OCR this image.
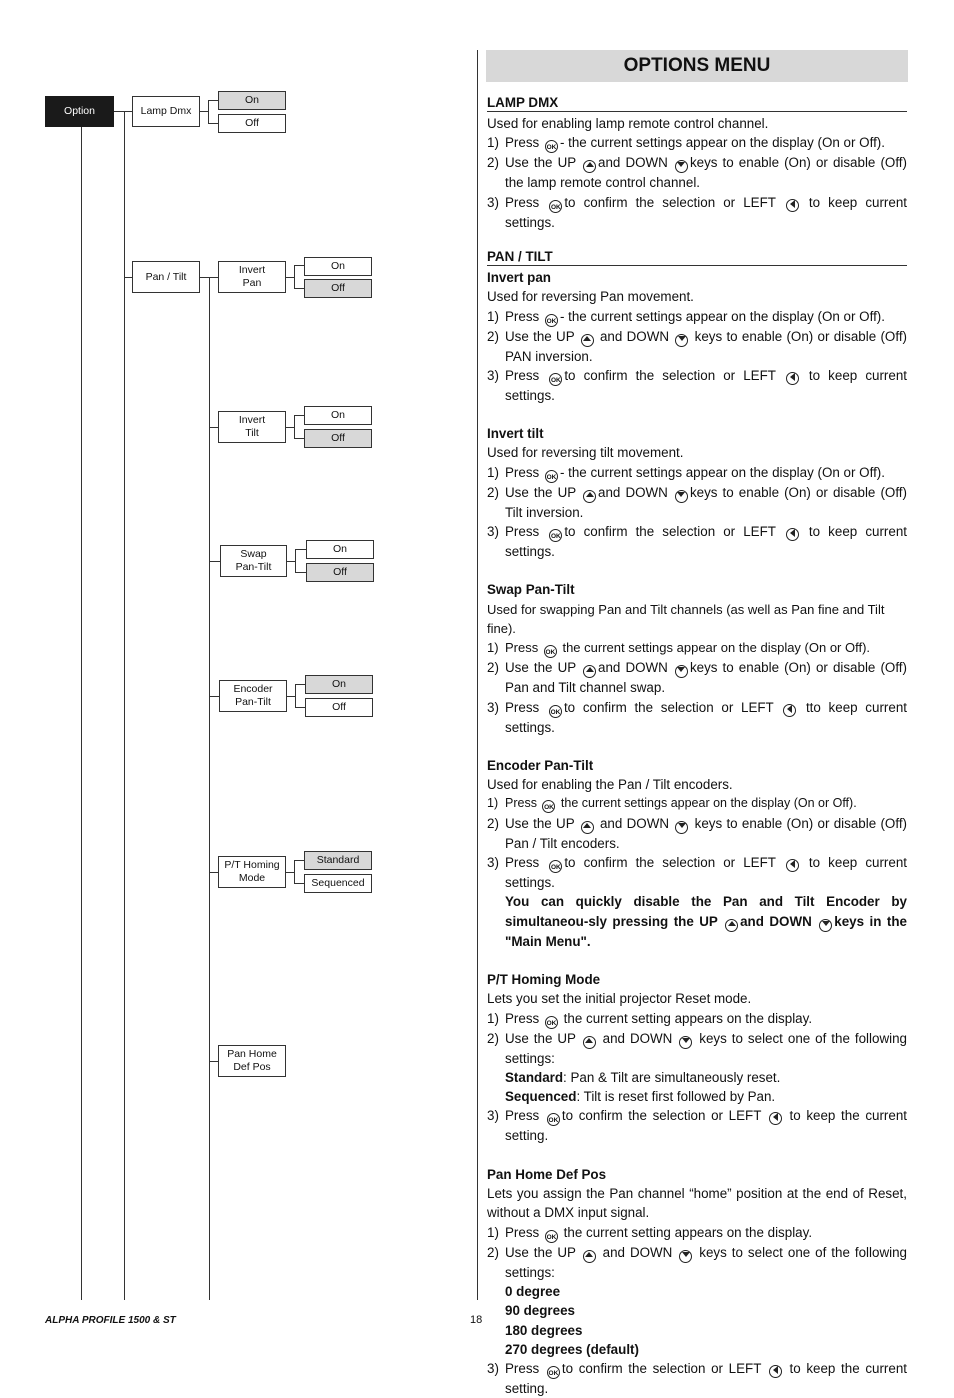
Option	Lamp Dmx
On
Off
Pan / Tilt
Invert
Pan
On
Off
Invert
Tilt
On
Off
Swap
Pan-Tilt
On
Off
Encoder
Pan-Tilt
On
Off
P/T Homing
Mode
Standard
Sequenced
Pan Home
Def Pos
OPTIONS MENU
LAMP DMX
Used for enabling lamp remote control channel.
1) Press OK - the current settings appear on the display (On or Off).
2) Use the UP and DOWN keys to enable (On) or disable (Off) the lamp remote control channel.
3) Press OK to confirm the selection or LEFT  to keep current settings.
PAN / TILT
Invert pan
Used for reversing Pan movement.
1) Press OK - the current settings appear on the display (On or Off).
2) Use the UP  and DOWN  keys to enable (On) or disable (Off) PAN inversion.
3) Press OK to confirm the selection or LEFT  to keep current settings.
Invert tilt
Used for reversing tilt movement.
1) Press OK - the current settings appear on the display (On or Off).
2) Use the UP and DOWN keys to enable (On) or disable (Off) Tilt inversion.
3) Press OK to confirm the selection or LEFT  to keep current settings.
Swap Pan-Tilt
Used for swapping Pan and Tilt channels (as well as Pan fine and Tilt fine).
1) Press OK the current settings appear on the display (On or Off).
2) Use the UP and DOWN keys to enable (On) or disable (Off) Pan and Tilt channel swap.
3) Press OK to confirm the selection or LEFT  tto keep current settings.
Encoder Pan-Tilt
Used for enabling the Pan / Tilt encoders.
1) Press OK the current settings appear on the display (On or Off).
2) Use the UP  and DOWN  keys to enable (On) or disable (Off) Pan / Tilt encoders.
3) Press OK to confirm the selection or LEFT  to keep current settings.
You can quickly disable the Pan and Tilt Encoder by simultaneou-sly pressing the UP and DOWN keys in the "Main Menu".
P/T Homing Mode
Lets you set the initial projector Reset mode.
1) Press OK the current setting appears on the display.
2) Use the UP  and DOWN  keys to select one of the following settings:
Standard: Pan & Tilt are simultaneously reset.
Sequenced: Tilt is reset first followed by Pan.
3) Press OK to confirm the selection or LEFT  to keep the current setting.
Pan Home Def Pos
Lets you assign the Pan channel “home” position at the end of Reset, without a DMX input signal.
1) Press OK the current setting appears on the display.
2) Use the UP  and DOWN  keys to select one of the following settings:
0 degree
90 degrees
180 degrees
270 degrees (default)
3) Press OK to confirm the selection or LEFT  to keep the current setting.
ALPHA PROFILE 1500 & ST	18
